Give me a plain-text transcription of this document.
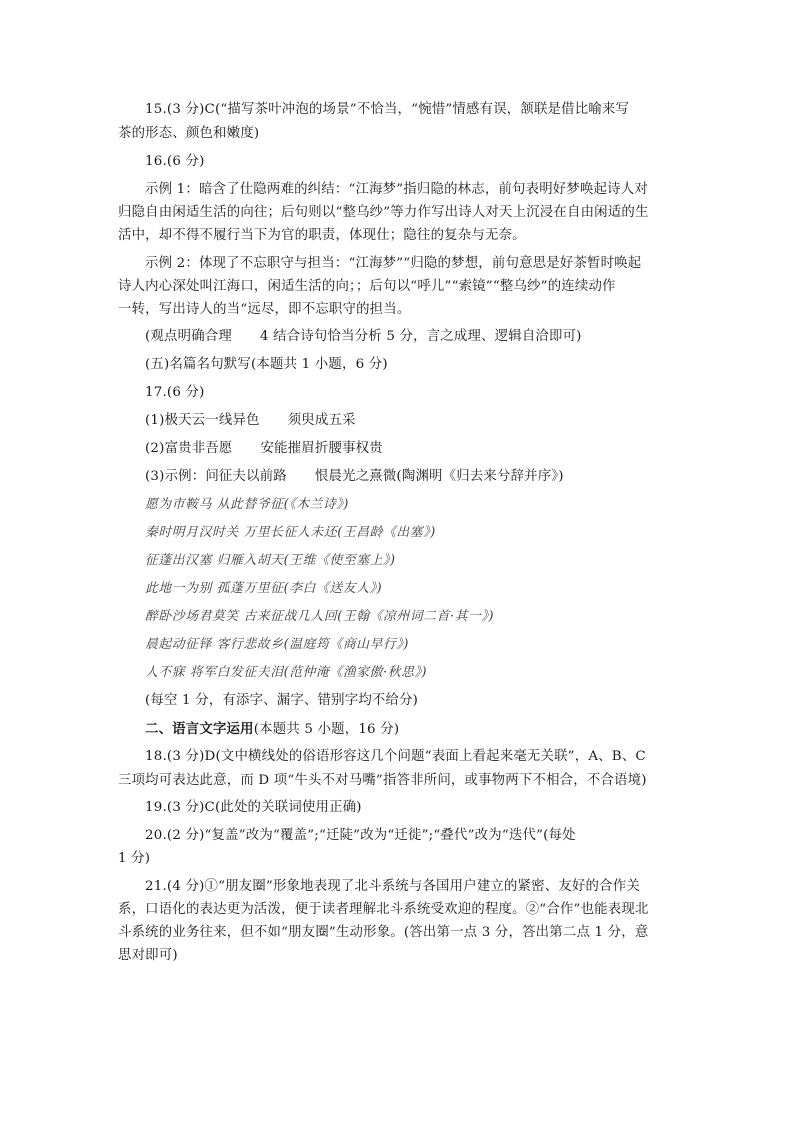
15.(3 分)C(“描写茶叶冲泡的场景”不恰当，“惋惜”情感有误，颔联是借比喻来写
茶的形态、颜色和嫩度)
16.(6 分)
示例 1：暗含了仕隐两难的纠结：“江海梦”指归隐的林志，前句表明好梦唤起诗人对
归隐自由闲适生活的向往；后句则以“整乌纱”等力作写出诗人对天上沉浸在自由闲适的生
活中，却不得不履行当下为官的职责，体现仕；隐往的复杂与无奈。
示例 2：体现了不忘职守与担当：“江海梦”“归隐的梦想，前句意思是好茶暂时唤起
诗人内心深处叫江海口，闲适生活的向；；后句以“呼儿”“索镜”“整乌纱”的连续动作
一转，写出诗人的当“远尽，即不忘职守的担当。
(观点明确合理 4 结合诗句恰当分析 5 分，言之成理、逻辑自洽即可)
(五)名篇名句默写(本题共 1 小题，6 分)
17.(6 分)
(1)极天云一线异色 须臾成五采
(2)富贵非吾愿 安能摧眉折腰事权贵
(3)示例：问征夫以前路 恨晨光之熹微(陶渊明《归去来兮辞并序》)
愿为市鞍马 从此替爷征(《木兰诗》)
秦时明月汉时关 万里长征人未还(王昌龄《出塞》)
征蓬出汉塞 归雁入胡天(王维《使至塞上》)
此地一为别 孤蓬万里征(李白《送友人》)
醉卧沙场君莫笑 古来征战几人回(王翰《凉州词二首·其一》)
晨起动征铎 客行悲故乡(温庭筠《商山早行》)
人不寐 将军白发征夫泪(范仲淹《渔家傲·秋思》)
(每空 1 分，有添字、漏字、错别字均不给分)
二、语言文字运用(本题共 5 小题，16 分)
18.(3 分)D(文中横线处的俗语形容这几个问题“表面上看起来毫无关联”，A、B、C
三项均可表达此意，而 D 项“牛头不对马嘴”指答非所问，或事物两下不相合，不合语境)
19.(3 分)C(此处的关联词使用正确)
20.(2 分)“复盖”改为“覆盖”;“迁陡”改为“迁徙”;“叠代”改为“迭代”(每处
1 分)
21.(4 分)①“朋友圈”形象地表现了北斗系统与各国用户建立的紧密、友好的合作关
系，口语化的表达更为活泼，便于读者理解北斗系统受欢迎的程度。②“合作”也能表现北
斗系统的业务往来，但不如“朋友圈”生动形象。(答出第一点 3 分，答出第二点 1 分，意
思对即可)
